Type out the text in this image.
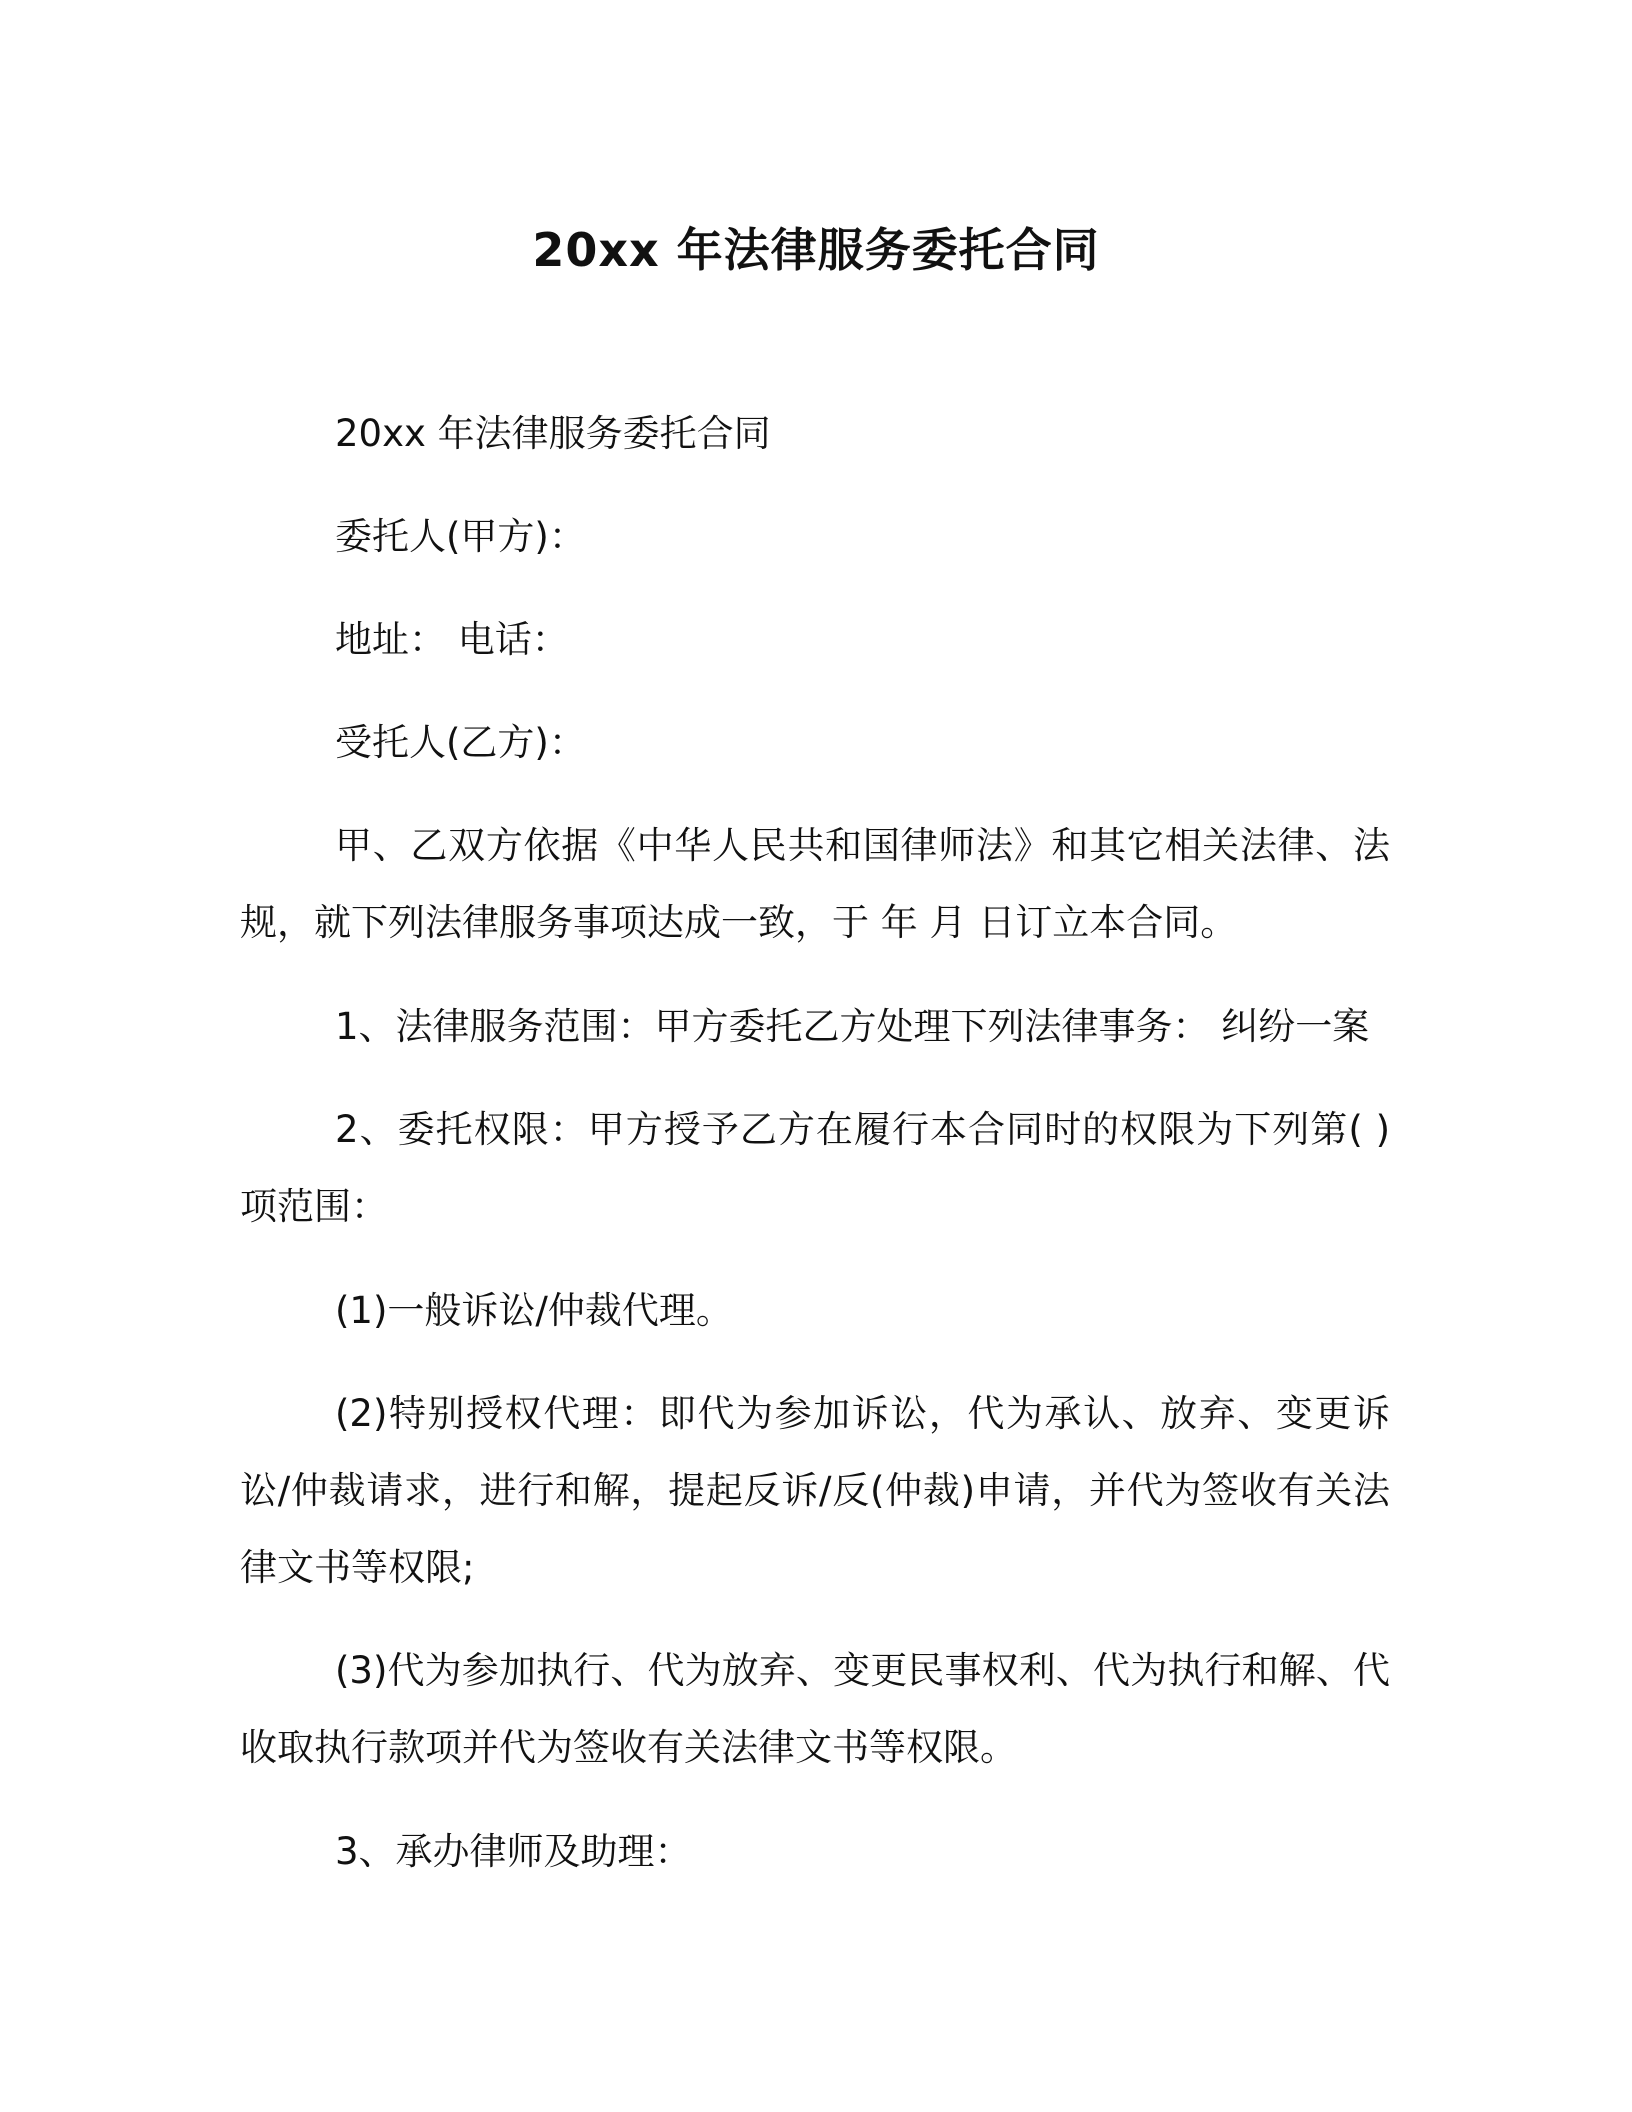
20xx 年法律服务委托合同

20xx 年法律服务委托合同

委托人(甲方)：

地址： 电话：

受托人(乙方)：

甲、乙双方依据《中华人民共和国律师法》和其它相关法律、法规，就下列法律服务事项达成一致，于 年 月 日订立本合同。

1、法律服务范围：甲方委托乙方处理下列法律事务： 纠纷一案

2、委托权限：甲方授予乙方在履行本合同时的权限为下列第( )项范围：

(1)一般诉讼/仲裁代理。

(2)特别授权代理：即代为参加诉讼，代为承认、放弃、变更诉讼/仲裁请求，进行和解，提起反诉/反(仲裁)申请，并代为签收有关法律文书等权限;

(3)代为参加执行、代为放弃、变更民事权利、代为执行和解、代收取执行款项并代为签收有关法律文书等权限。

3、承办律师及助理：
